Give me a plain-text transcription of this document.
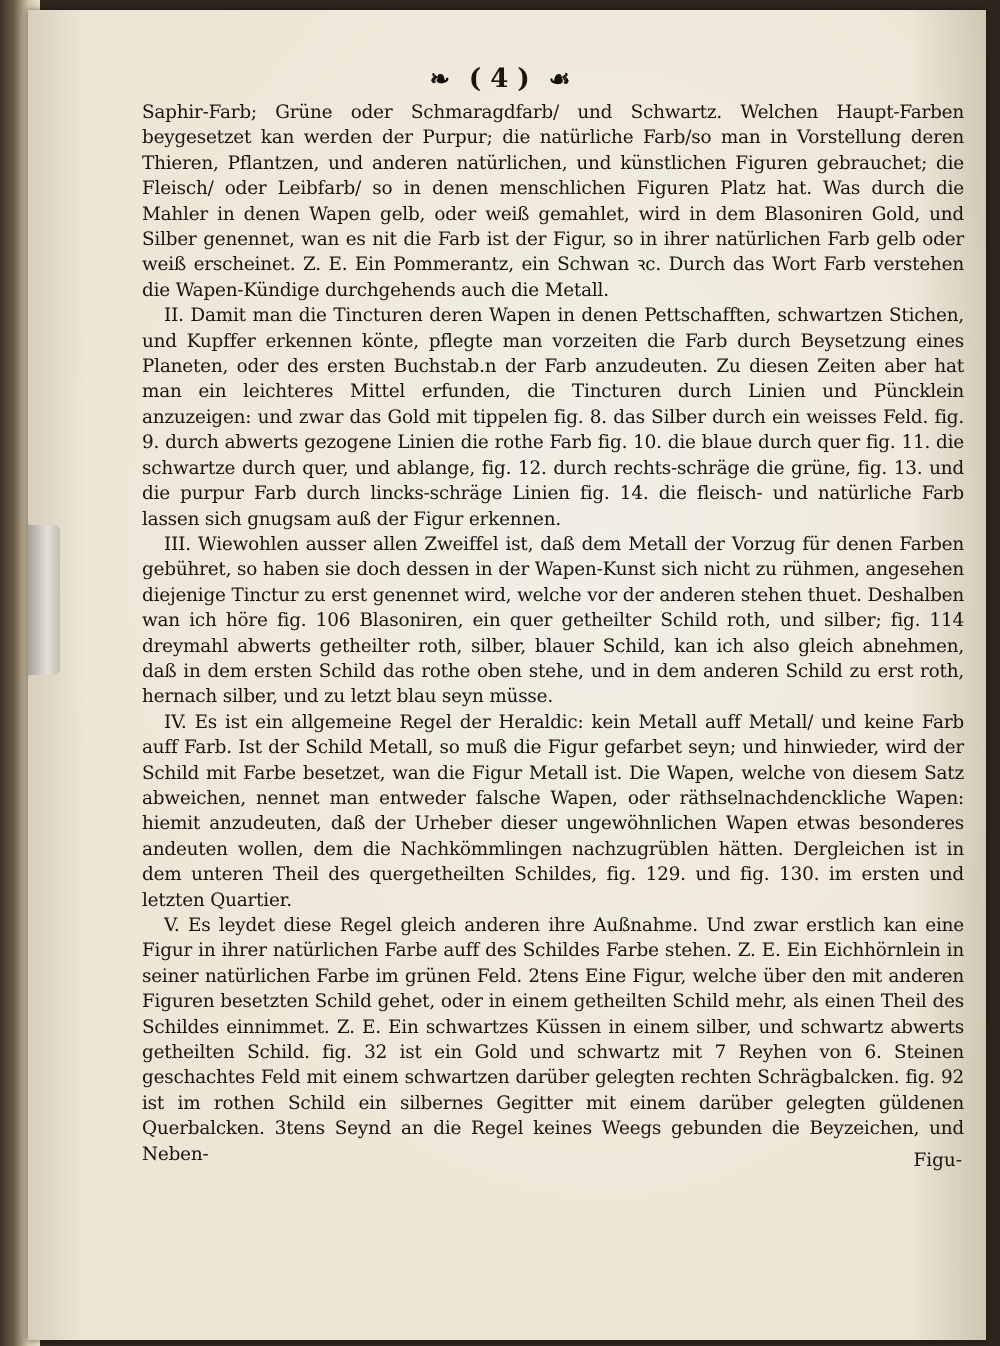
❧ ( 4 ) ☙

Saphir-Farb; Grüne oder Schmaragdfarb/ und Schwartz. Welchen Haupt-Farben beygesetzet kan werden der Purpur; die natürliche Farb/so man in Vorstellung deren Thieren, Pflantzen, und anderen natürlichen, und künstlichen Figuren gebrauchet; die Fleisch/ oder Leibfarb/ so in denen menschlichen Figuren Platz hat. Was durch die Mahler in denen Wapen gelb, oder weiß gemahlet, wird in dem Blasoniren Gold, und Silber genennet, wan es nit die Farb ist der Figur, so in ihrer natürlichen Farb gelb oder weiß erscheinet. Z. E. Ein Pommerantz, ein Schwan ꝛc. Durch das Wort Farb verstehen die Wapen-Kündige durchgehends auch die Metall.

II. Damit man die Tincturen deren Wapen in denen Pettschafften, schwartzen Stichen, und Kupffer erkennen könte, pflegte man vorzeiten die Farb durch Beysetzung eines Planeten, oder des ersten Buchstab.n der Farb anzudeuten. Zu diesen Zeiten aber hat man ein leichteres Mittel erfunden, die Tincturen durch Linien und Püncklein anzuzeigen: und zwar das Gold mit tippelen fig. 8. das Silber durch ein weisses Feld. fig. 9. durch abwerts gezogene Linien die rothe Farb fig. 10. die blaue durch quer fig. 11. die schwartze durch quer, und ablange, fig. 12. durch rechts-schräge die grüne, fig. 13. und die purpur Farb durch lincks-schräge Linien fig. 14. die fleisch- und natürliche Farb lassen sich gnugsam auß der Figur erkennen.

III. Wiewohlen ausser allen Zweiffel ist, daß dem Metall der Vorzug für denen Farben gebühret, so haben sie doch dessen in der Wapen-Kunst sich nicht zu rühmen, angesehen diejenige Tinctur zu erst genennet wird, welche vor der anderen stehen thuet. Deshalben wan ich höre fig. 106 Blasoniren, ein quer getheilter Schild roth, und silber; fig. 114 dreymahl abwerts getheilter roth, silber, blauer Schild, kan ich also gleich abnehmen, daß in dem ersten Schild das rothe oben stehe, und in dem anderen Schild zu erst roth, hernach silber, und zu letzt blau seyn müsse.

IV. Es ist ein allgemeine Regel der Heraldic: kein Metall auff Metall/ und keine Farb auff Farb. Ist der Schild Metall, so muß die Figur gefarbet seyn; und hinwieder, wird der Schild mit Farbe besetzet, wan die Figur Metall ist. Die Wapen, welche von diesem Satz abweichen, nennet man entweder falsche Wapen, oder räthselnachdenckliche Wapen: hiemit anzudeuten, daß der Urheber dieser ungewöhnlichen Wapen etwas besonderes andeuten wollen, dem die Nachkömmlingen nachzugrüblen hätten. Dergleichen ist in dem unteren Theil des quergetheilten Schildes, fig. 129. und fig. 130. im ersten und letzten Quartier.

V. Es leydet diese Regel gleich anderen ihre Außnahme. Und zwar erstlich kan eine Figur in ihrer natürlichen Farbe auff des Schildes Farbe stehen. Z. E. Ein Eichhörnlein in seiner natürlichen Farbe im grünen Feld. 2tens Eine Figur, welche über den mit anderen Figuren besetzten Schild gehet, oder in einem getheilten Schild mehr, als einen Theil des Schildes einnimmet. Z. E. Ein schwartzes Küssen in einem silber, und schwartz abwerts getheilten Schild. fig. 32 ist ein Gold und schwartz mit 7 Reyhen von 6. Steinen geschachtes Feld mit einem schwartzen darüber gelegten rechten Schrägbalcken. fig. 92 ist im rothen Schild ein silbernes Gegitter mit einem darüber gelegten güldenen Querbalcken. 3tens Seynd an die Regel keines Weegs gebunden die Beyzeichen, und Neben-	Figu-
